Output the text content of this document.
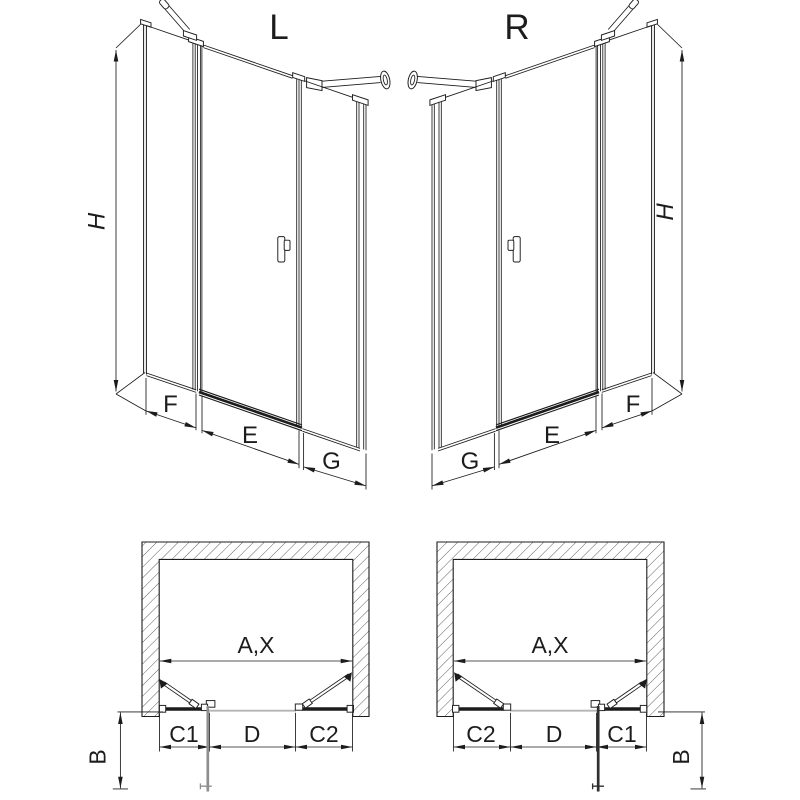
L	R
H
F
E
G
H
G
E
F
A,X
C1 D C2
B
A,X
C2 D C1
B
